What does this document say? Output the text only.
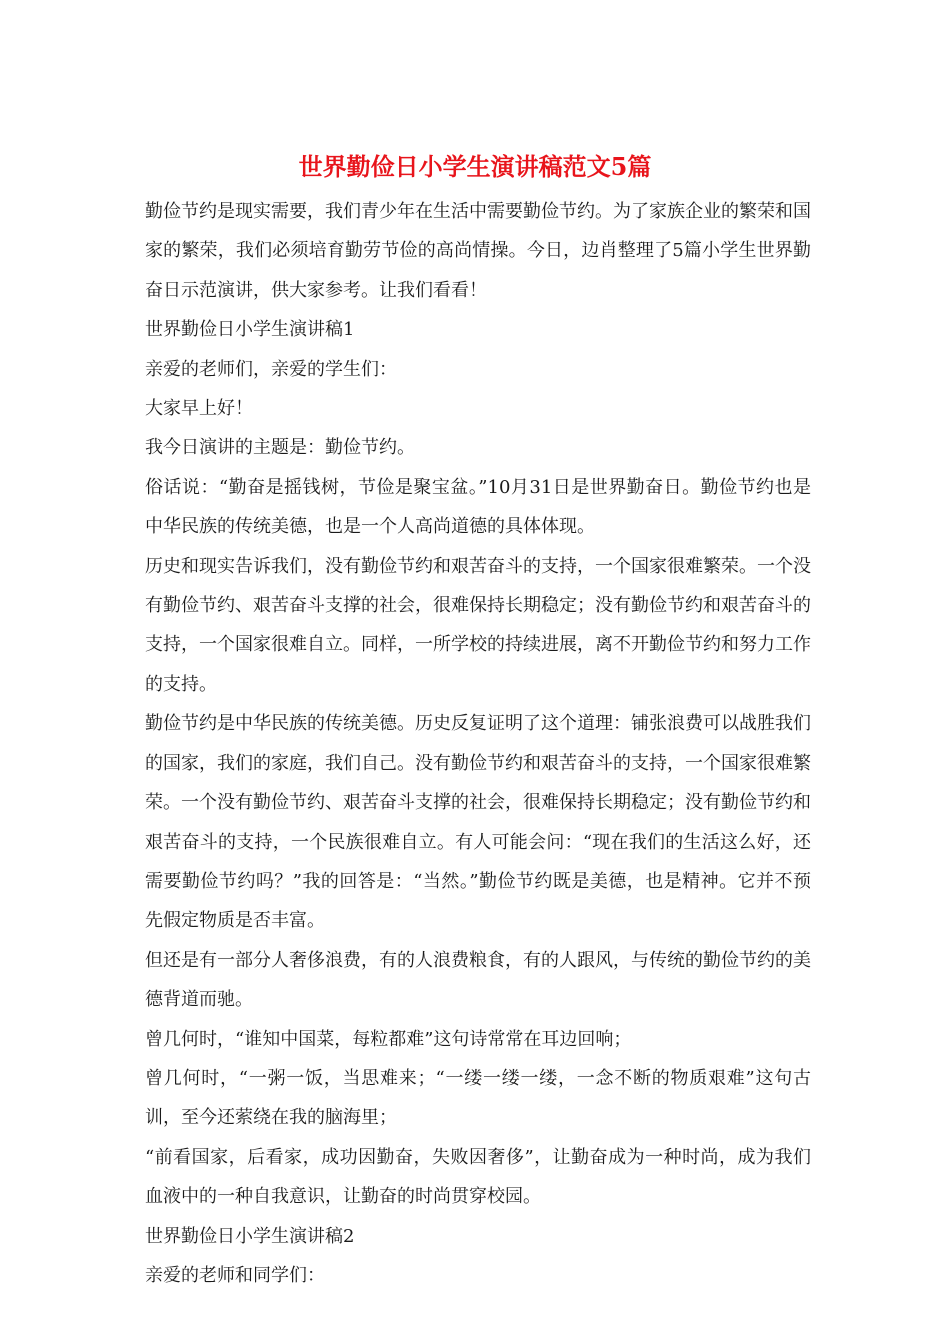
世界勤俭日小学生演讲稿范文5篇

勤俭节约是现实需要，我们青少年在生活中需要勤俭节约。为了家族企业的繁荣和国家的繁荣，我们必须培育勤劳节俭的高尚情操。今日，边肖整理了5篇小学生世界勤奋日示范演讲，供大家参考。让我们看看！

世界勤俭日小学生演讲稿1

亲爱的老师们，亲爱的学生们：

大家早上好！

我今日演讲的主题是：勤俭节约。

俗话说：“勤奋是摇钱树，节俭是聚宝盆。”10月31日是世界勤奋日。勤俭节约也是中华民族的传统美德，也是一个人高尚道德的具体体现。

历史和现实告诉我们，没有勤俭节约和艰苦奋斗的支持，一个国家很难繁荣。一个没有勤俭节约、艰苦奋斗支撑的社会，很难保持长期稳定；没有勤俭节约和艰苦奋斗的支持，一个国家很难自立。同样，一所学校的持续进展，离不开勤俭节约和努力工作的支持。

勤俭节约是中华民族的传统美德。历史反复证明了这个道理：铺张浪费可以战胜我们的国家，我们的家庭，我们自己。没有勤俭节约和艰苦奋斗的支持，一个国家很难繁荣。一个没有勤俭节约、艰苦奋斗支撑的社会，很难保持长期稳定；没有勤俭节约和艰苦奋斗的支持，一个民族很难自立。有人可能会问：“现在我们的生活这么好，还需要勤俭节约吗？”我的回答是：“当然。”勤俭节约既是美德，也是精神。它并不预先假定物质是否丰富。

但还是有一部分人奢侈浪费，有的人浪费粮食，有的人跟风，与传统的勤俭节约的美德背道而驰。

曾几何时，“谁知中国菜，每粒都难”这句诗常常在耳边回响；

曾几何时，“一粥一饭，当思难来；“一缕一缕一缕，一念不断的物质艰难”这句古训，至今还萦绕在我的脑海里；

“前看国家，后看家，成功因勤奋，失败因奢侈”，让勤奋成为一种时尚，成为我们血液中的一种自我意识，让勤奋的时尚贯穿校园。

世界勤俭日小学生演讲稿2

亲爱的老师和同学们：
